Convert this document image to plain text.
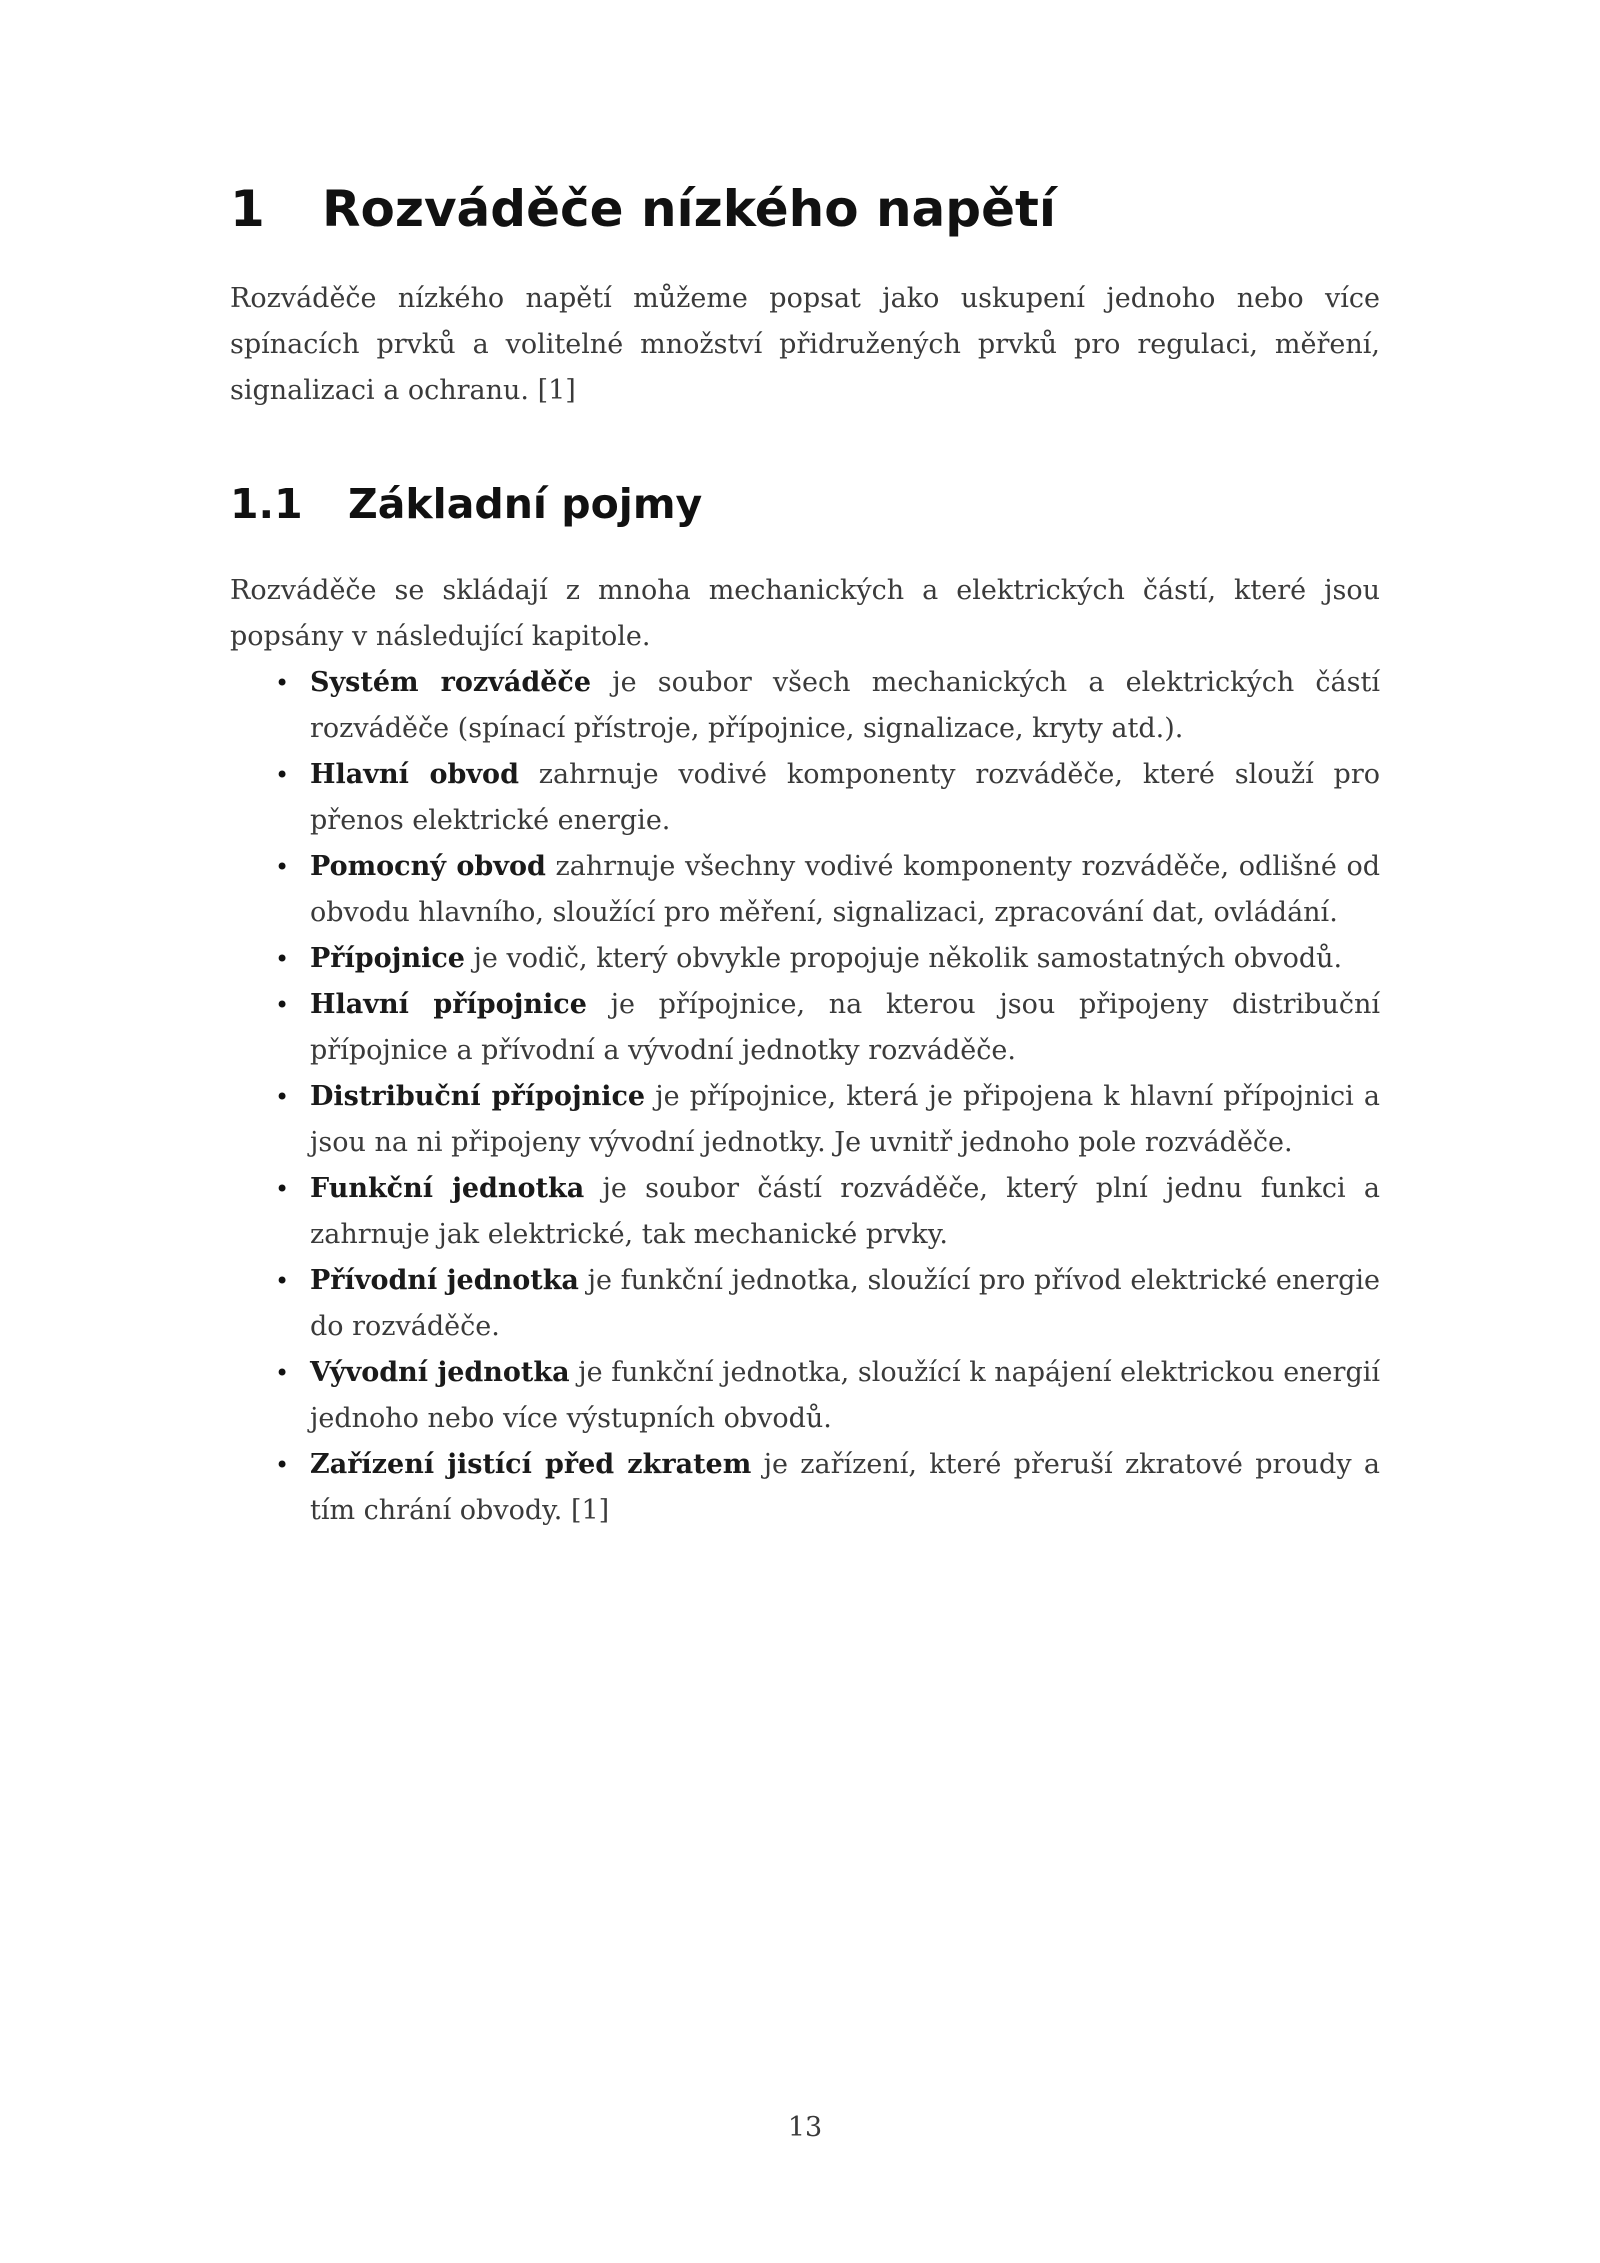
1 Rozváděče nízkého napětí

Rozváděče nízkého napětí můžeme popsat jako uskupení jednoho nebo více spínacích prvků a volitelné množství přidružených prvků pro regulaci, měření, signalizaci a ochranu. [1]

1.1 Základní pojmy

Rozváděče se skládají z mnoha mechanických a elektrických částí, které jsou popsány v následující kapitole.

• Systém rozváděče je soubor všech mechanických a elektrických částí rozváděče (spínací přístroje, přípojnice, signalizace, kryty atd.).
• Hlavní obvod zahrnuje vodivé komponenty rozváděče, které slouží pro přenos elektrické energie.
• Pomocný obvod zahrnuje všechny vodivé komponenty rozváděče, odlišné od obvodu hlavního, sloužící pro měření, signalizaci, zpracování dat, ovládání.
• Přípojnice je vodič, který obvykle propojuje několik samostatných obvodů.
• Hlavní přípojnice je přípojnice, na kterou jsou připojeny distribuční přípojnice a přívodní a vývodní jednotky rozváděče.
• Distribuční přípojnice je přípojnice, která je připojena k hlavní přípojnici a jsou na ni připojeny vývodní jednotky. Je uvnitř jednoho pole rozváděče.
• Funkční jednotka je soubor částí rozváděče, který plní jednu funkci a zahrnuje jak elektrické, tak mechanické prvky.
• Přívodní jednotka je funkční jednotka, sloužící pro přívod elektrické energie do rozváděče.
• Vývodní jednotka je funkční jednotka, sloužící k napájení elektrickou energií jednoho nebo více výstupních obvodů.
• Zařízení jistící před zkratem je zařízení, které přeruší zkratové proudy a tím chrání obvody. [1]

13
